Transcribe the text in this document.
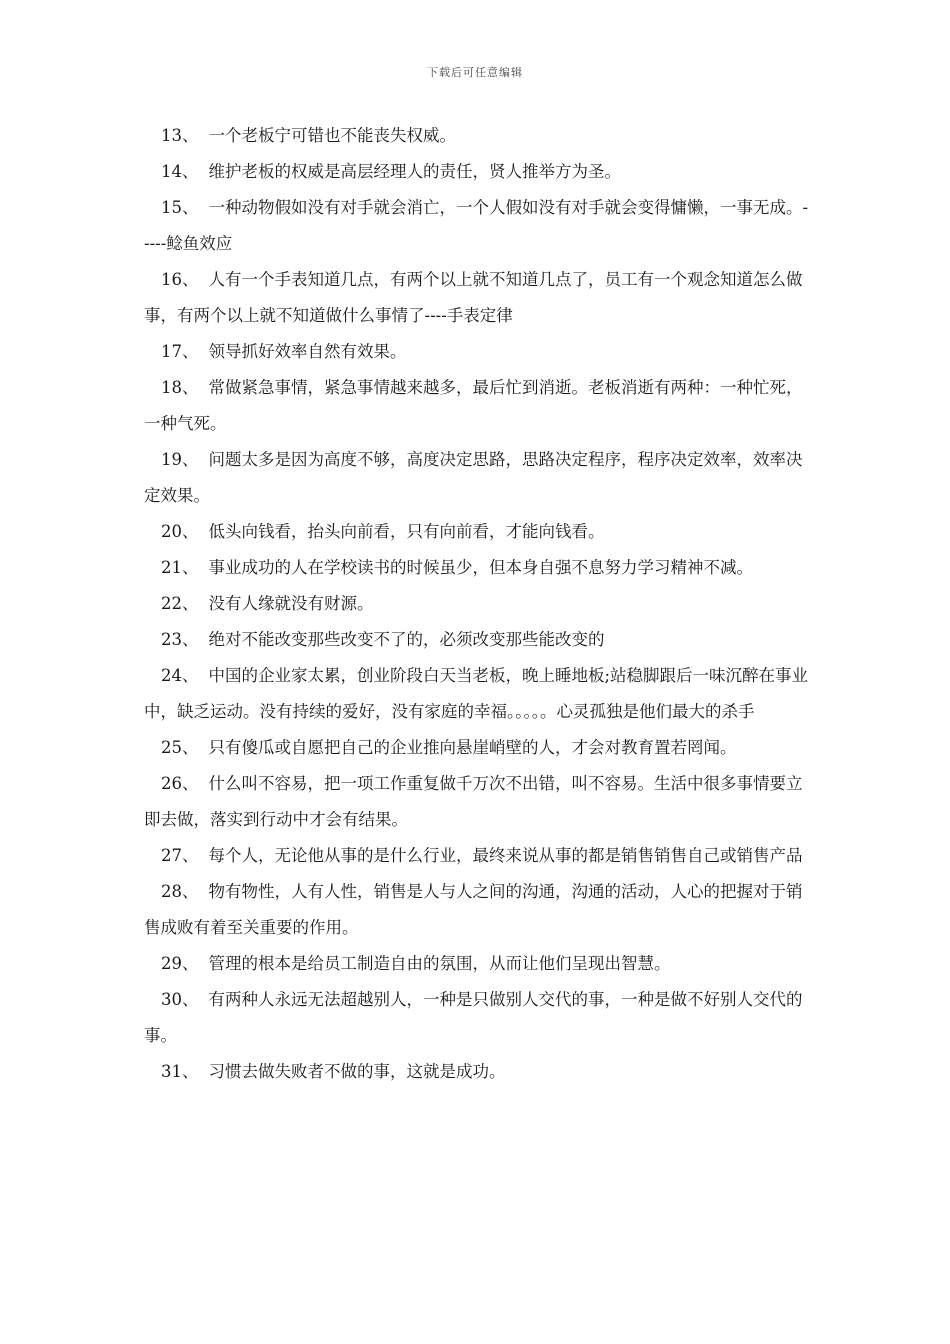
下载后可任意编辑

13、 一个老板宁可错也不能丧失权威。

14、 维护老板的权威是高层经理人的责任，贤人推举方为圣。

15、 一种动物假如没有对手就会消亡，一个人假如没有对手就会变得慵懒，一事无成。-----鲶鱼效应

16、 人有一个手表知道几点，有两个以上就不知道几点了，员工有一个观念知道怎么做事，有两个以上就不知道做什么事情了----手表定律

17、 领导抓好效率自然有效果。

18、 常做紧急事情，紧急事情越来越多，最后忙到消逝。老板消逝有两种：一种忙死，一种气死。

19、 问题太多是因为高度不够，高度决定思路，思路决定程序，程序决定效率，效率决定效果。

20、 低头向钱看，抬头向前看，只有向前看，才能向钱看。

21、 事业成功的人在学校读书的时候虽少，但本身自强不息努力学习精神不减。

22、 没有人缘就没有财源。

23、 绝对不能改变那些改变不了的，必须改变那些能改变的

24、 中国的企业家太累，创业阶段白天当老板，晚上睡地板;站稳脚跟后一味沉醉在事业中，缺乏运动。没有持续的爱好，没有家庭的幸福。。。。。心灵孤独是他们最大的杀手

25、 只有傻瓜或自愿把自己的企业推向悬崖峭壁的人，才会对教育置若罔闻。

26、 什么叫不容易，把一项工作重复做千万次不出错，叫不容易。生活中很多事情要立即去做，落实到行动中才会有结果。

27、 每个人，无论他从事的是什么行业，最终来说从事的都是销售销售自己或销售产品

28、 物有物性，人有人性，销售是人与人之间的沟通，沟通的活动，人心的把握对于销售成败有着至关重要的作用。

29、 管理的根本是给员工制造自由的氛围，从而让他们呈现出智慧。

30、 有两种人永远无法超越别人，一种是只做别人交代的事，一种是做不好别人交代的事。

31、 习惯去做失败者不做的事，这就是成功。
